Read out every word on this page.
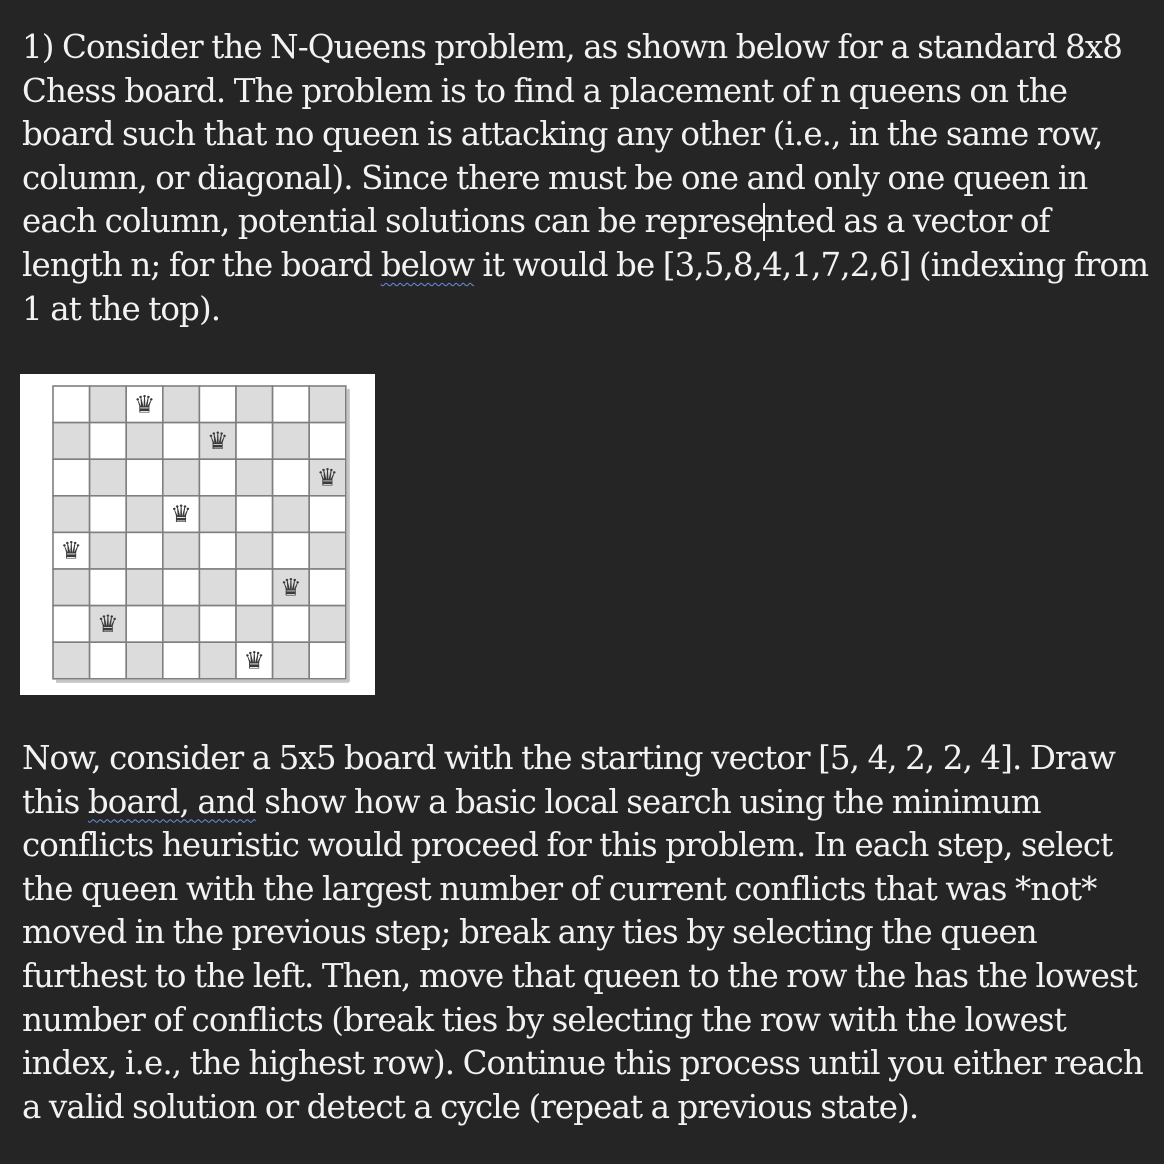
1) Consider the N-Queens problem, as shown below for a standard 8x8
Chess board. The problem is to find a placement of n queens on the
board such that no queen is attacking any other (i.e., in the same row,
column, or diagonal). Since there must be one and only one queen in
each column, potential solutions can be represented as a vector of
length n; for the board below it would be [3,5,8,4,1,7,2,6] (indexing from
1 at the top).
♛
♛
♛
♛
♛
♛
♛
♛
Now, consider a 5x5 board with the starting vector [5, 4, 2, 2, 4]. Draw
this board, and show how a basic local search using the minimum
conflicts heuristic would proceed for this problem. In each step, select
the queen with the largest number of current conflicts that was *not*
moved in the previous step; break any ties by selecting the queen
furthest to the left. Then, move that queen to the row the has the lowest
number of conflicts (break ties by selecting the row with the lowest
index, i.e., the highest row). Continue this process until you either reach
a valid solution or detect a cycle (repeat a previous state).
